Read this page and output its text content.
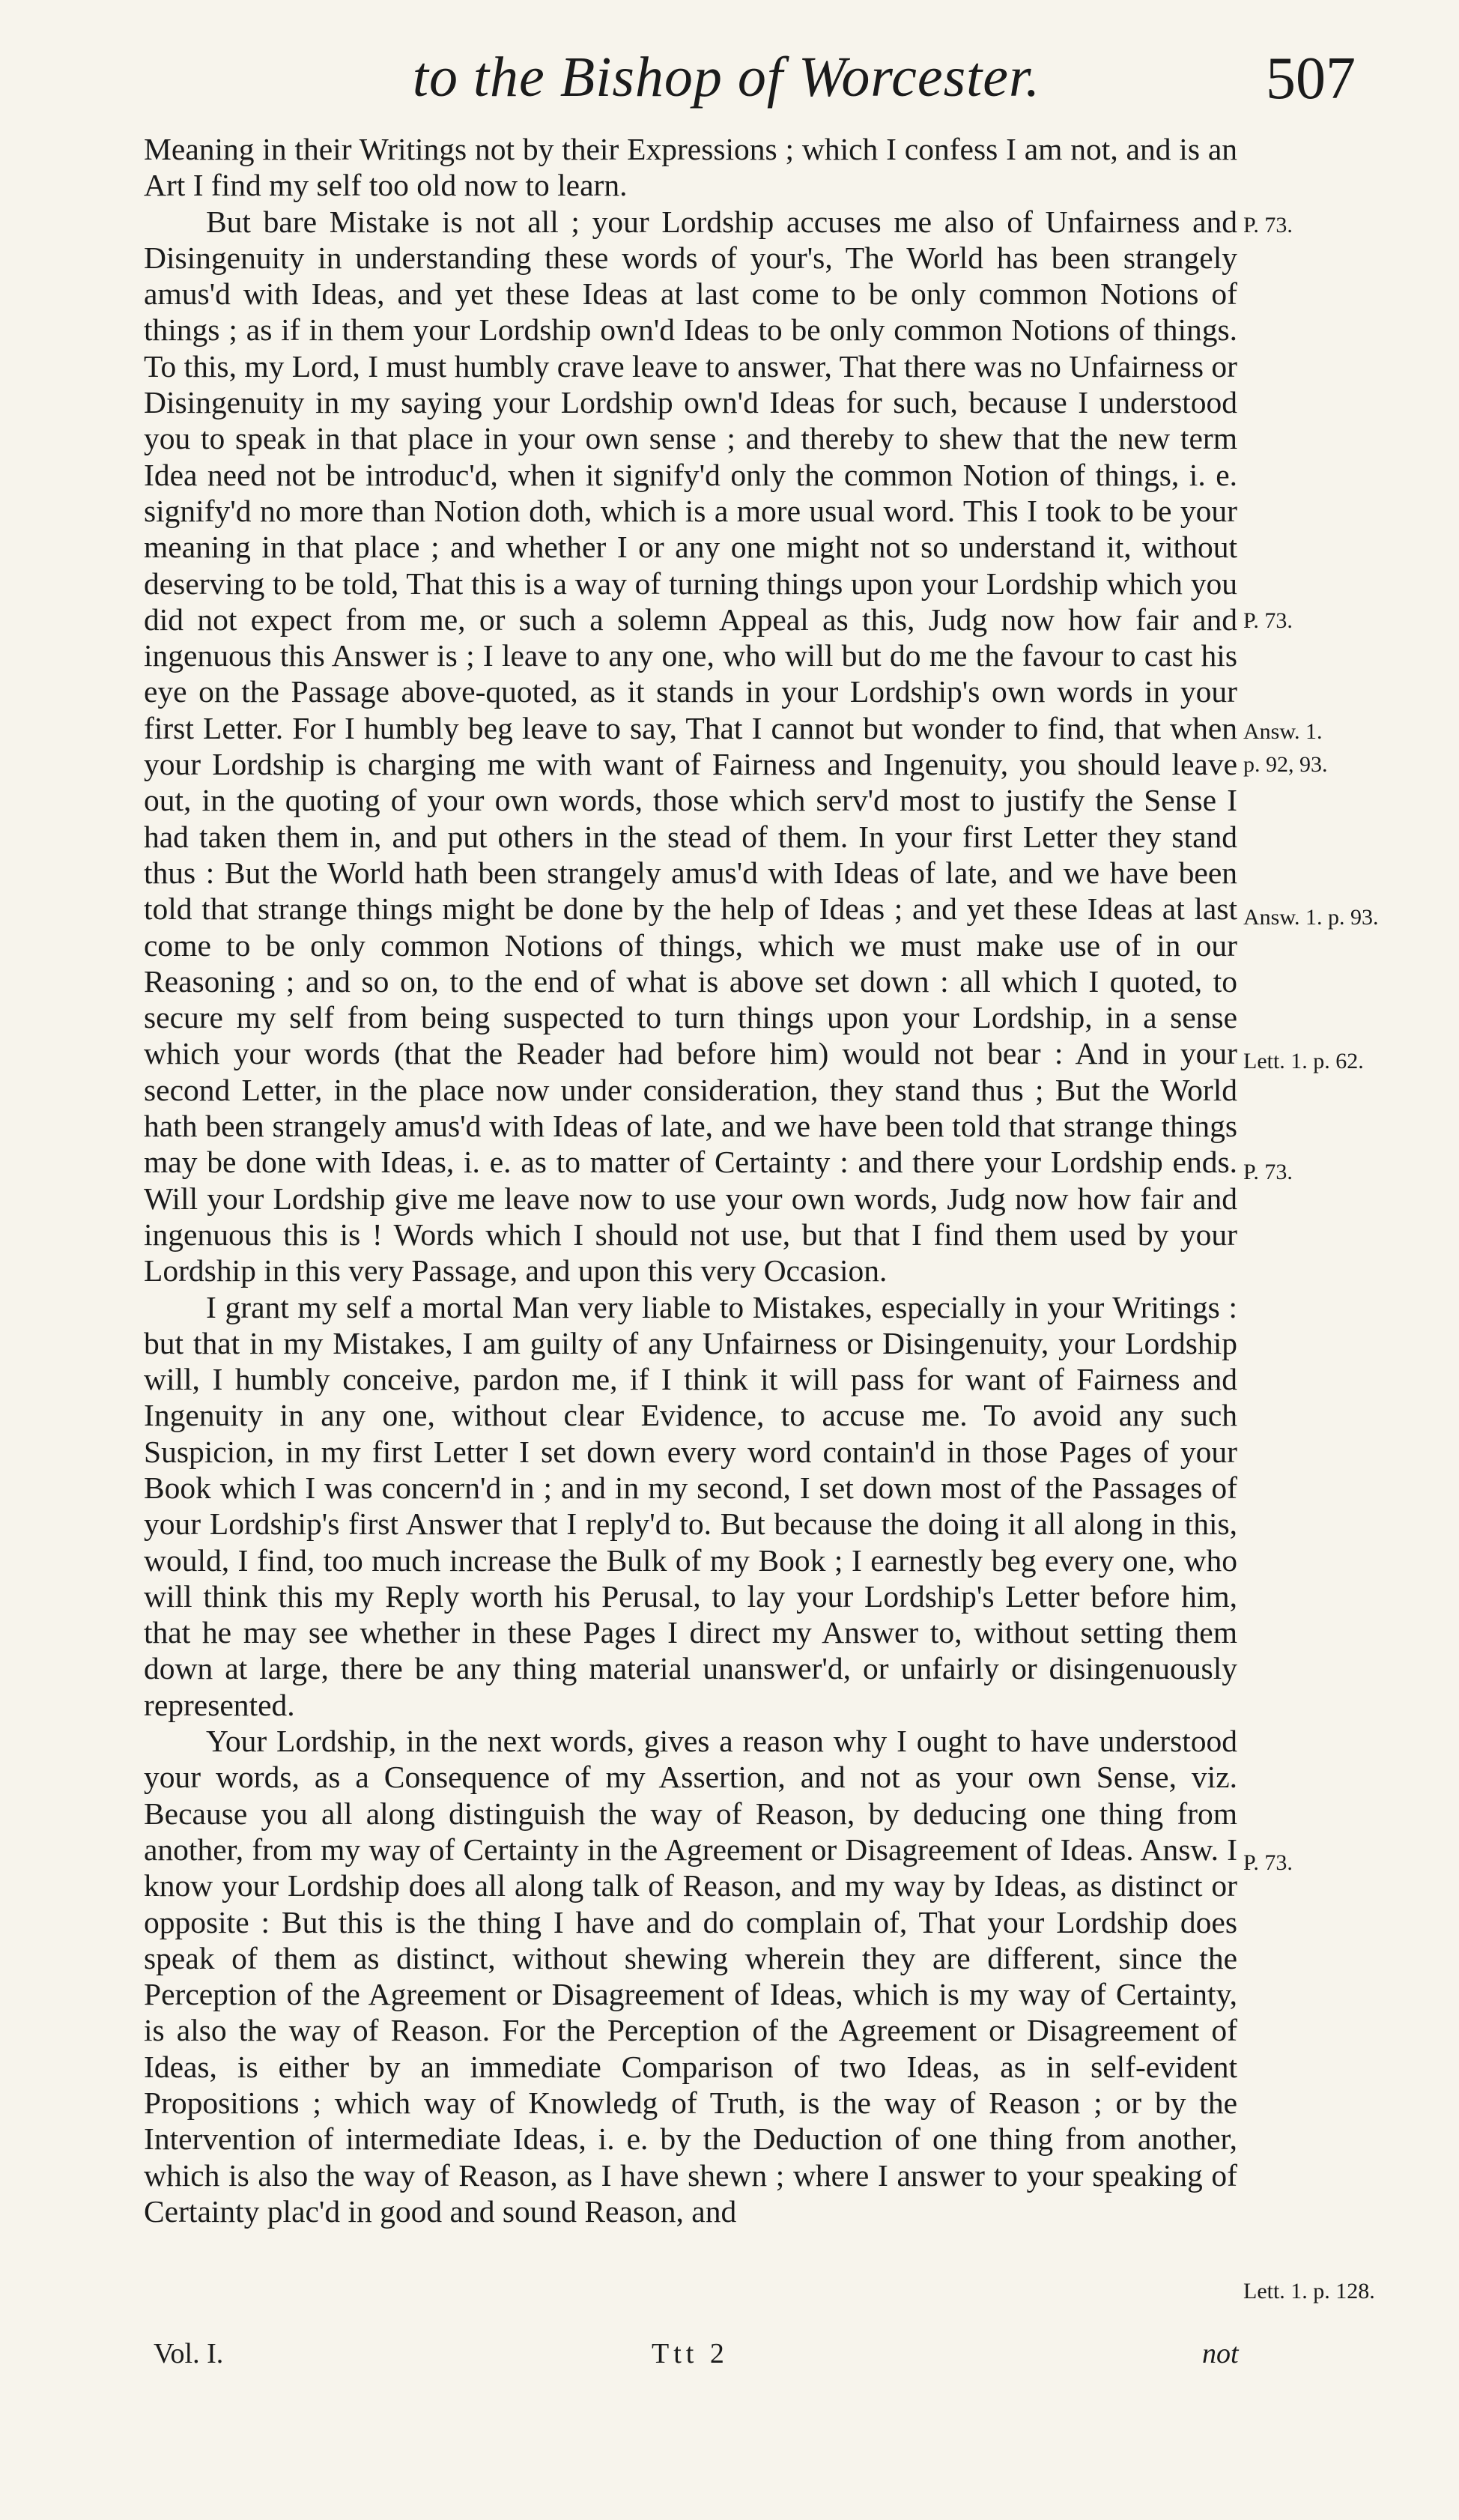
to the Bishop of Worcester.	507

Meaning in their Writings not by their Expressions ; which I confess I am not, and is an Art I find my self too old now to learn.

But bare Mistake is not all ; your Lordship accuses me also of Unfairness and Disingenuity in understanding these words of your's, The World has been strangely amus'd with Ideas, and yet these Ideas at last come to be only common Notions of things ; as if in them your Lordship own'd Ideas to be only common Notions of things. To this, my Lord, I must humbly crave leave to answer, That there was no Unfairness or Disingenuity in my saying your Lordship own'd Ideas for such, because I understood you to speak in that place in your own sense ; and thereby to shew that the new term Idea need not be introduc'd, when it signify'd only the common Notion of things, i. e. signify'd no more than Notion doth, which is a more usual word. This I took to be your meaning in that place ; and whether I or any one might not so understand it, without deserving to be told, That this is a way of turning things upon your Lordship which you did not expect from me, or such a solemn Appeal as this, Judg now how fair and ingenuous this Answer is ; I leave to any one, who will but do me the favour to cast his eye on the Passage above-quoted, as it stands in your Lordship's own words in your first Letter. For I humbly beg leave to say, That I cannot but wonder to find, that when your Lordship is charging me with want of Fairness and Ingenuity, you should leave out, in the quoting of your own words, those which serv'd most to justify the Sense I had taken them in, and put others in the stead of them. In your first Letter they stand thus : But the World hath been strangely amus'd with Ideas of late, and we have been told that strange things might be done by the help of Ideas ; and yet these Ideas at last come to be only common Notions of things, which we must make use of in our Reasoning ; and so on, to the end of what is above set down : all which I quoted, to secure my self from being suspected to turn things upon your Lordship, in a sense which your words (that the Reader had before him) would not bear : And in your second Letter, in the place now under consideration, they stand thus ; But the World hath been strangely amus'd with Ideas of late, and we have been told that strange things may be done with Ideas, i. e. as to matter of Certainty : and there your Lordship ends. Will your Lordship give me leave now to use your own words, Judg now how fair and ingenuous this is ! Words which I should not use, but that I find them used by your Lordship in this very Passage, and upon this very Occasion.

I grant my self a mortal Man very liable to Mistakes, especially in your Writings : but that in my Mistakes, I am guilty of any Unfairness or Disingenuity, your Lordship will, I humbly conceive, pardon me, if I think it will pass for want of Fairness and Ingenuity in any one, without clear Evidence, to accuse me. To avoid any such Suspicion, in my first Letter I set down every word contain'd in those Pages of your Book which I was concern'd in ; and in my second, I set down most of the Passages of your Lordship's first Answer that I reply'd to. But because the doing it all along in this, would, I find, too much increase the Bulk of my Book ; I earnestly beg every one, who will think this my Reply worth his Perusal, to lay your Lordship's Letter before him, that he may see whether in these Pages I direct my Answer to, without setting them down at large, there be any thing material unanswer'd, or unfairly or disingenuously represented.

Your Lordship, in the next words, gives a reason why I ought to have understood your words, as a Consequence of my Assertion, and not as your own Sense, viz. Because you all along distinguish the way of Reason, by deducing one thing from another, from my way of Certainty in the Agreement or Disagreement of Ideas. Answ. I know your Lordship does all along talk of Reason, and my way by Ideas, as distinct or opposite : But this is the thing I have and do complain of, That your Lordship does speak of them as distinct, without shewing wherein they are different, since the Perception of the Agreement or Disagreement of Ideas, which is my way of Certainty, is also the way of Reason. For the Perception of the Agreement or Disagreement of Ideas, is either by an immediate Comparison of two Ideas, as in self-evident Propositions ; which way of Knowledg of Truth, is the way of Reason ; or by the Intervention of intermediate Ideas, i. e. by the Deduction of one thing from another, which is also the way of Reason, as I have shewn ; where I answer to your speaking of Certainty plac'd in good and sound Reason, and

P. 73.
P. 73.
Answ. 1.
p. 92, 93.
Answ. 1. p. 93.
Lett. 1. p. 62.
P. 73.
P. 73.
Lett. 1. p. 128.
Vol. I.	Ttt 2	not
